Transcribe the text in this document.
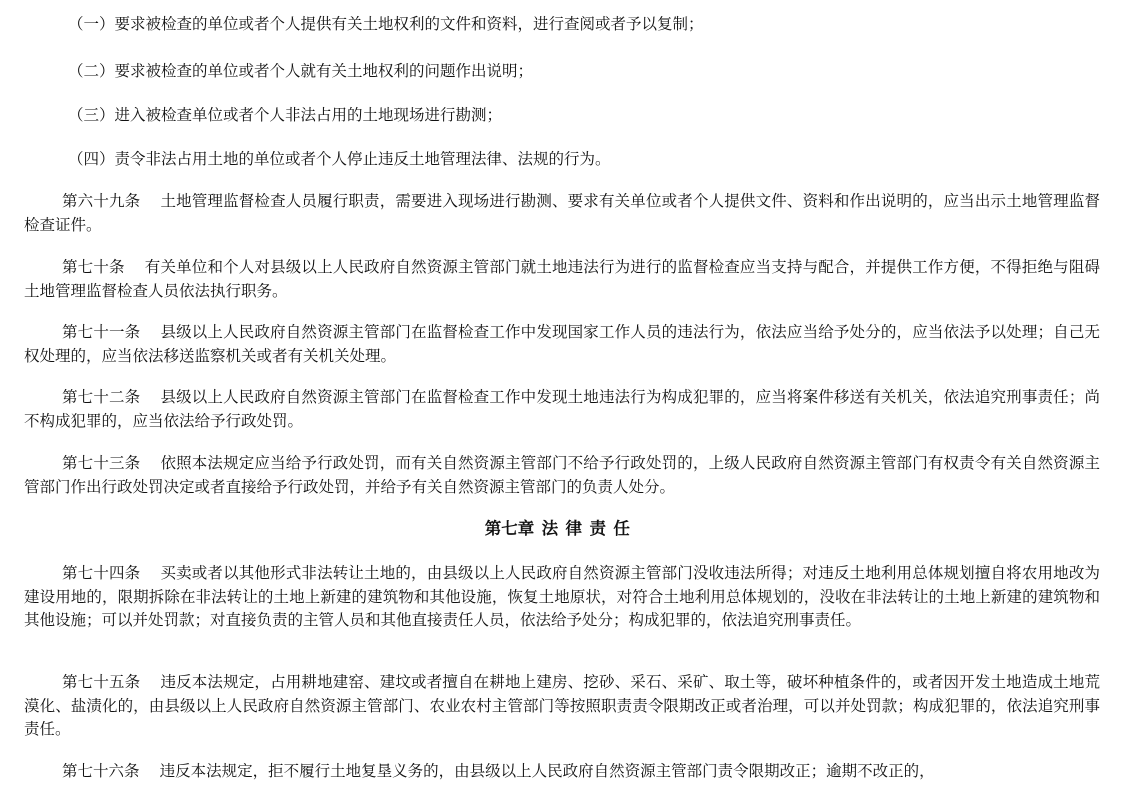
（一）要求被检查的单位或者个人提供有关土地权利的文件和资料，进行查阅或者予以复制；

（二）要求被检查的单位或者个人就有关土地权利的问题作出说明；

（三）进入被检查单位或者个人非法占用的土地现场进行勘测；

（四）责令非法占用土地的单位或者个人停止违反土地管理法律、法规的行为。

第六十九条 土地管理监督检查人员履行职责，需要进入现场进行勘测、要求有关单位或者个人提供文件、资料和作出说明的，应当出示土地管理监督检查证件。

第七十条 有关单位和个人对县级以上人民政府自然资源主管部门就土地违法行为进行的监督检查应当支持与配合，并提供工作方便，不得拒绝与阻碍土地管理监督检查人员依法执行职务。

第七十一条 县级以上人民政府自然资源主管部门在监督检查工作中发现国家工作人员的违法行为，依法应当给予处分的，应当依法予以处理；自己无权处理的，应当依法移送监察机关或者有关机关处理。

第七十二条 县级以上人民政府自然资源主管部门在监督检查工作中发现土地违法行为构成犯罪的，应当将案件移送有关机关，依法追究刑事责任；尚不构成犯罪的，应当依法给予行政处罚。

第七十三条 依照本法规定应当给予行政处罚，而有关自然资源主管部门不给予行政处罚的，上级人民政府自然资源主管部门有权责令有关自然资源主管部门作出行政处罚决定或者直接给予行政处罚，并给予有关自然资源主管部门的负责人处分。

第七章 法律责任

第七十四条 买卖或者以其他形式非法转让土地的，由县级以上人民政府自然资源主管部门没收违法所得；对违反土地利用总体规划擅自将农用地改为建设用地的，限期拆除在非法转让的土地上新建的建筑物和其他设施，恢复土地原状，对符合土地利用总体规划的，没收在非法转让的土地上新建的建筑物和其他设施；可以并处罚款；对直接负责的主管人员和其他直接责任人员，依法给予处分；构成犯罪的，依法追究刑事责任。

第七十五条 违反本法规定，占用耕地建窑、建坟或者擅自在耕地上建房、挖砂、采石、采矿、取土等，破坏种植条件的，或者因开发土地造成土地荒漠化、盐渍化的，由县级以上人民政府自然资源主管部门、农业农村主管部门等按照职责责令限期改正或者治理，可以并处罚款；构成犯罪的，依法追究刑事责任。

第七十六条 违反本法规定，拒不履行土地复垦义务的，由县级以上人民政府自然资源主管部门责令限期改正；逾期不改正的，
